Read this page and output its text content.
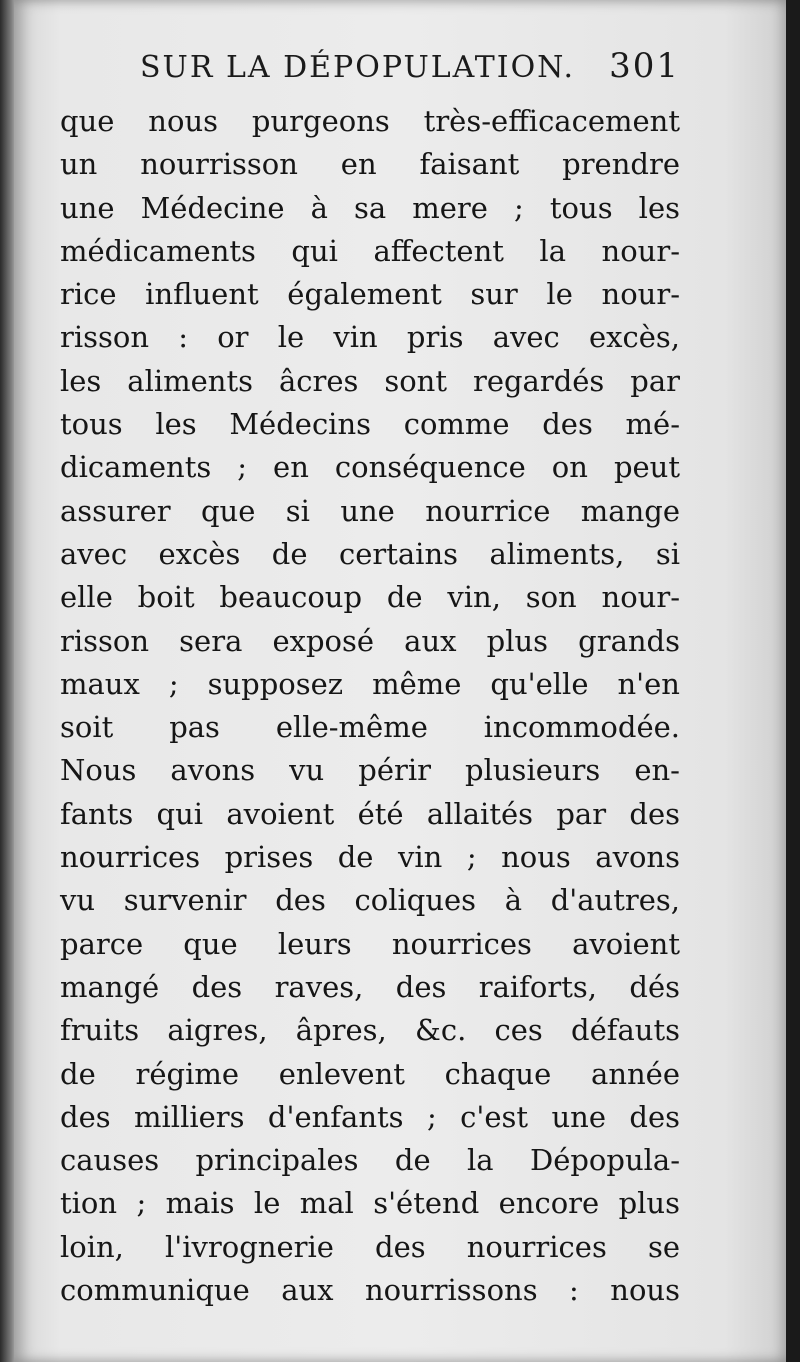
SUR LA DÉPOPULATION. 301
que nous purgeons très-efficacement
un nourrisson en faisant prendre
une Médecine à sa mere ; tous les
médicaments qui affectent la nour-
rice influent également sur le nour-
risson : or le vin pris avec excès,
les aliments âcres sont regardés par
tous les Médecins comme des mé-
dicaments ; en conséquence on peut
assurer que si une nourrice mange
avec excès de certains aliments, si
elle boit beaucoup de vin, son nour-
risson sera exposé aux plus grands
maux ; supposez même qu'elle n'en
soit pas elle-même incommodée.
Nous avons vu périr plusieurs en-
fants qui avoient été allaités par des
nourrices prises de vin ; nous avons
vu survenir des coliques à d'autres,
parce que leurs nourrices avoient
mangé des raves, des raiforts, dés
fruits aigres, âpres, &c. ces défauts
de régime enlevent chaque année
des milliers d'enfants ; c'est une des
causes principales de la Dépopula-
tion ; mais le mal s'étend encore plus
loin, l'ivrognerie des nourrices se
communique aux nourrissons : nous
